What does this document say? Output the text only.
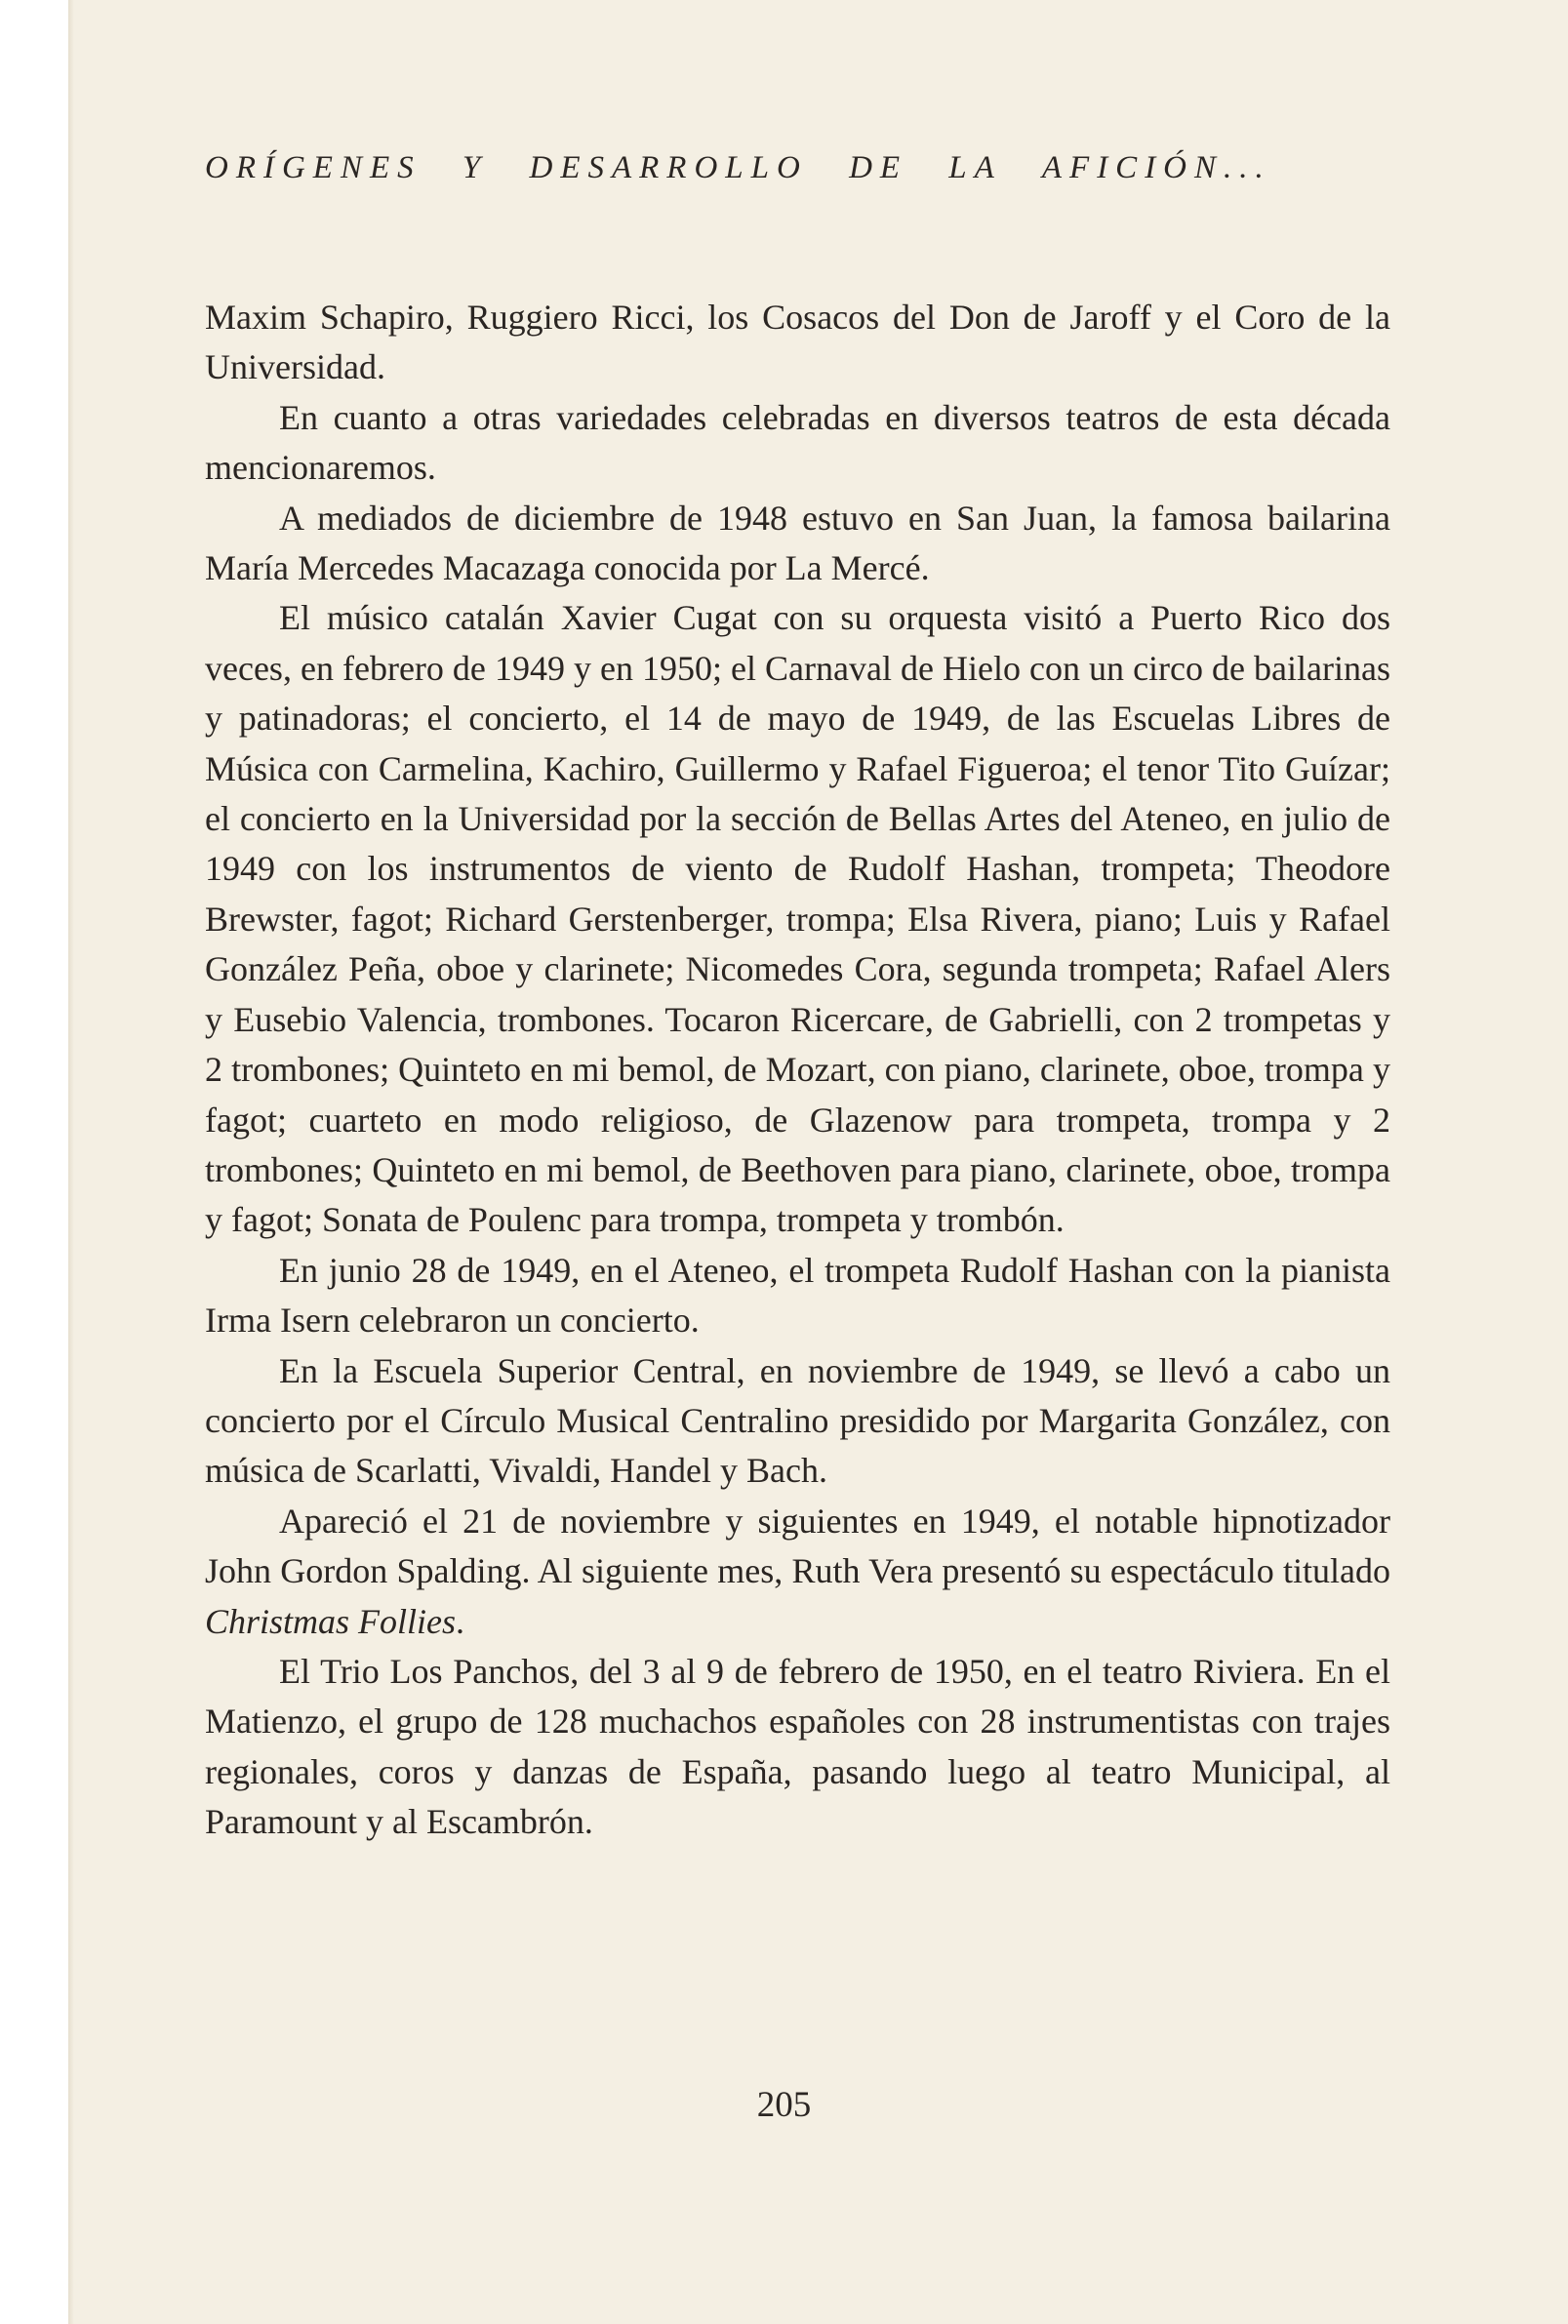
ORÍGENES Y DESARROLLO DE LA AFICIÓN...

Maxim Schapiro, Ruggiero Ricci, los Cosacos del Don de Jaroff y el Coro de la Universidad.

En cuanto a otras variedades celebradas en diversos teatros de esta década mencionaremos.

A mediados de diciembre de 1948 estuvo en San Juan, la famosa bailarina María Mercedes Macazaga conocida por La Mercé.

El músico catalán Xavier Cugat con su orquesta visitó a Puerto Rico dos veces, en febrero de 1949 y en 1950; el Carnaval de Hielo con un circo de bailarinas y patinadoras; el concierto, el 14 de mayo de 1949, de las Escuelas Libres de Música con Carmelina, Kachiro, Guillermo y Rafael Figueroa; el tenor Tito Guízar; el concierto en la Universidad por la sección de Bellas Artes del Ateneo, en julio de 1949 con los instrumentos de viento de Rudolf Hashan, trompeta; Theodore Brewster, fagot; Richard Gerstenberger, trompa; Elsa Rivera, piano; Luis y Rafael González Peña, oboe y clarinete; Nicomedes Cora, segunda trompeta; Rafael Alers y Eusebio Valencia, trombones. Tocaron Ricercare, de Gabrielli, con 2 trompetas y 2 trombones; Quinteto en mi bemol, de Mozart, con piano, clarinete, oboe, trompa y fagot; cuarteto en modo religioso, de Glazenow para trompeta, trompa y 2 trombones; Quinteto en mi bemol, de Beethoven para piano, clarinete, oboe, trompa y fagot; Sonata de Poulenc para trompa, trompeta y trombón.

En junio 28 de 1949, en el Ateneo, el trompeta Rudolf Hashan con la pianista Irma Isern celebraron un concierto.

En la Escuela Superior Central, en noviembre de 1949, se llevó a cabo un concierto por el Círculo Musical Centralino presidido por Margarita González, con música de Scarlatti, Vivaldi, Handel y Bach.

Apareció el 21 de noviembre y siguientes en 1949, el notable hipnotizador John Gordon Spalding. Al siguiente mes, Ruth Vera presentó su espectáculo titulado Christmas Follies.

El Trio Los Panchos, del 3 al 9 de febrero de 1950, en el teatro Riviera. En el Matienzo, el grupo de 128 muchachos españoles con 28 instrumentistas con trajes regionales, coros y danzas de España, pasando luego al teatro Municipal, al Paramount y al Escambrón.

205
